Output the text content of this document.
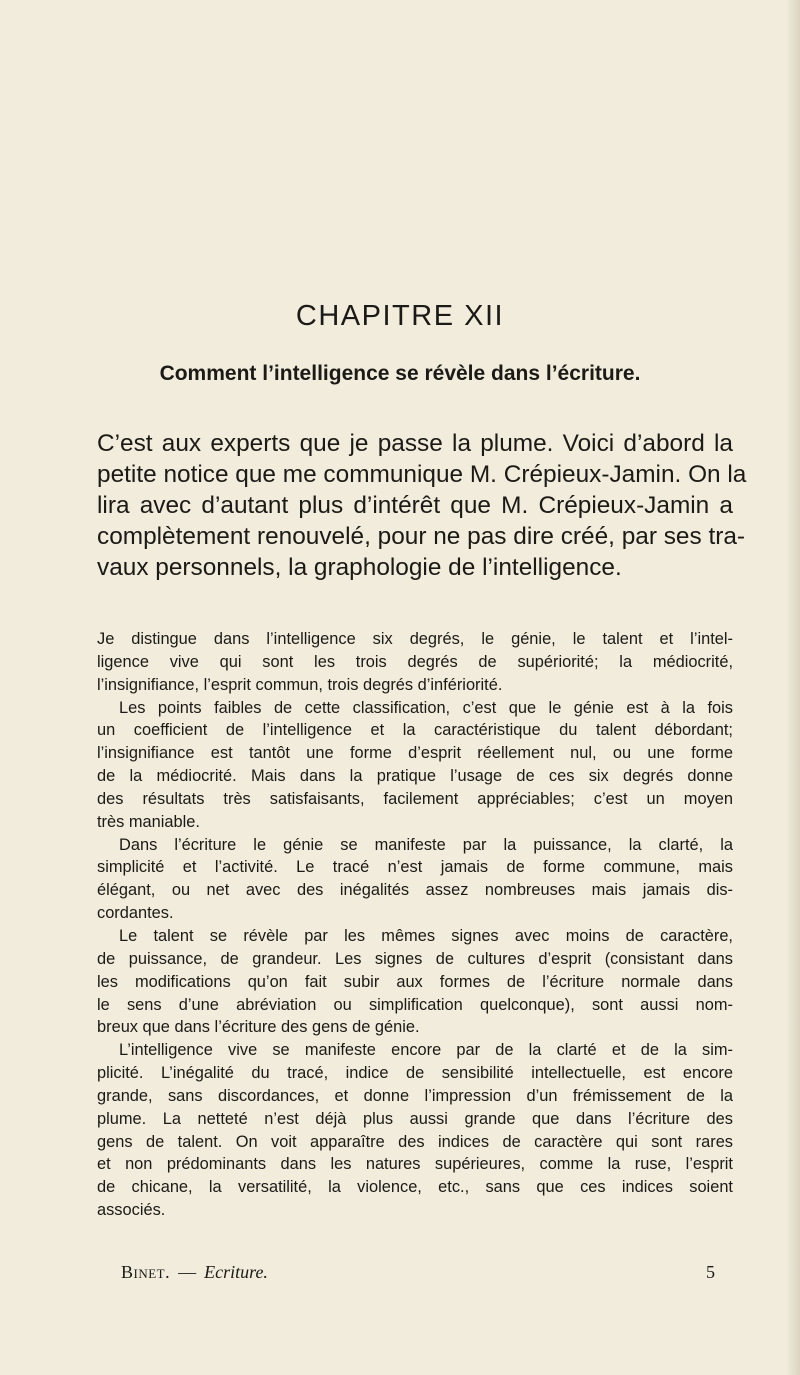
CHAPITRE XII
Comment l’intelligence se révèle dans l’écriture.
C’est aux experts que je passe la plume. Voici d’abord la
petite notice que me communique M. Crépieux-Jamin. On la
lira avec d’autant plus d’intérêt que M. Crépieux-Jamin a
complètement renouvelé, pour ne pas dire créé, par ses tra-
vaux personnels, la graphologie de l’intelligence.
Je distingue dans l’intelligence six degrés, le génie, le talent et l’intel-
ligence vive qui sont les trois degrés de supériorité; la médiocrité,
l’insignifiance, l’esprit commun, trois degrés d’infériorité.
Les points faibles de cette classification, c’est que le génie est à la fois
un coefficient de l’intelligence et la caractéristique du talent débordant;
l’insignifiance est tantôt une forme d’esprit réellement nul, ou une forme
de la médiocrité. Mais dans la pratique l’usage de ces six degrés donne
des résultats très satisfaisants, facilement appréciables; c’est un moyen
très maniable.
Dans l’écriture le génie se manifeste par la puissance, la clarté, la
simplicité et l’activité. Le tracé n’est jamais de forme commune, mais
élégant, ou net avec des inégalités assez nombreuses mais jamais dis-
cordantes.
Le talent se révèle par les mêmes signes avec moins de caractère,
de puissance, de grandeur. Les signes de cultures d’esprit (consistant dans
les modifications qu’on fait subir aux formes de l’écriture normale dans
le sens d’une abréviation ou simplification quelconque), sont aussi nom-
breux que dans l’écriture des gens de génie.
L’intelligence vive se manifeste encore par de la clarté et de la sim-
plicité. L’inégalité du tracé, indice de sensibilité intellectuelle, est encore
grande, sans discordances, et donne l’impression d’un frémissement de la
plume. La netteté n’est déjà plus aussi grande que dans l’écriture des
gens de talent. On voit apparaître des indices de caractère qui sont rares
et non prédominants dans les natures supérieures, comme la ruse, l’esprit
de chicane, la versatilité, la violence, etc., sans que ces indices soient
associés.
Binet. — Ecriture.	5
